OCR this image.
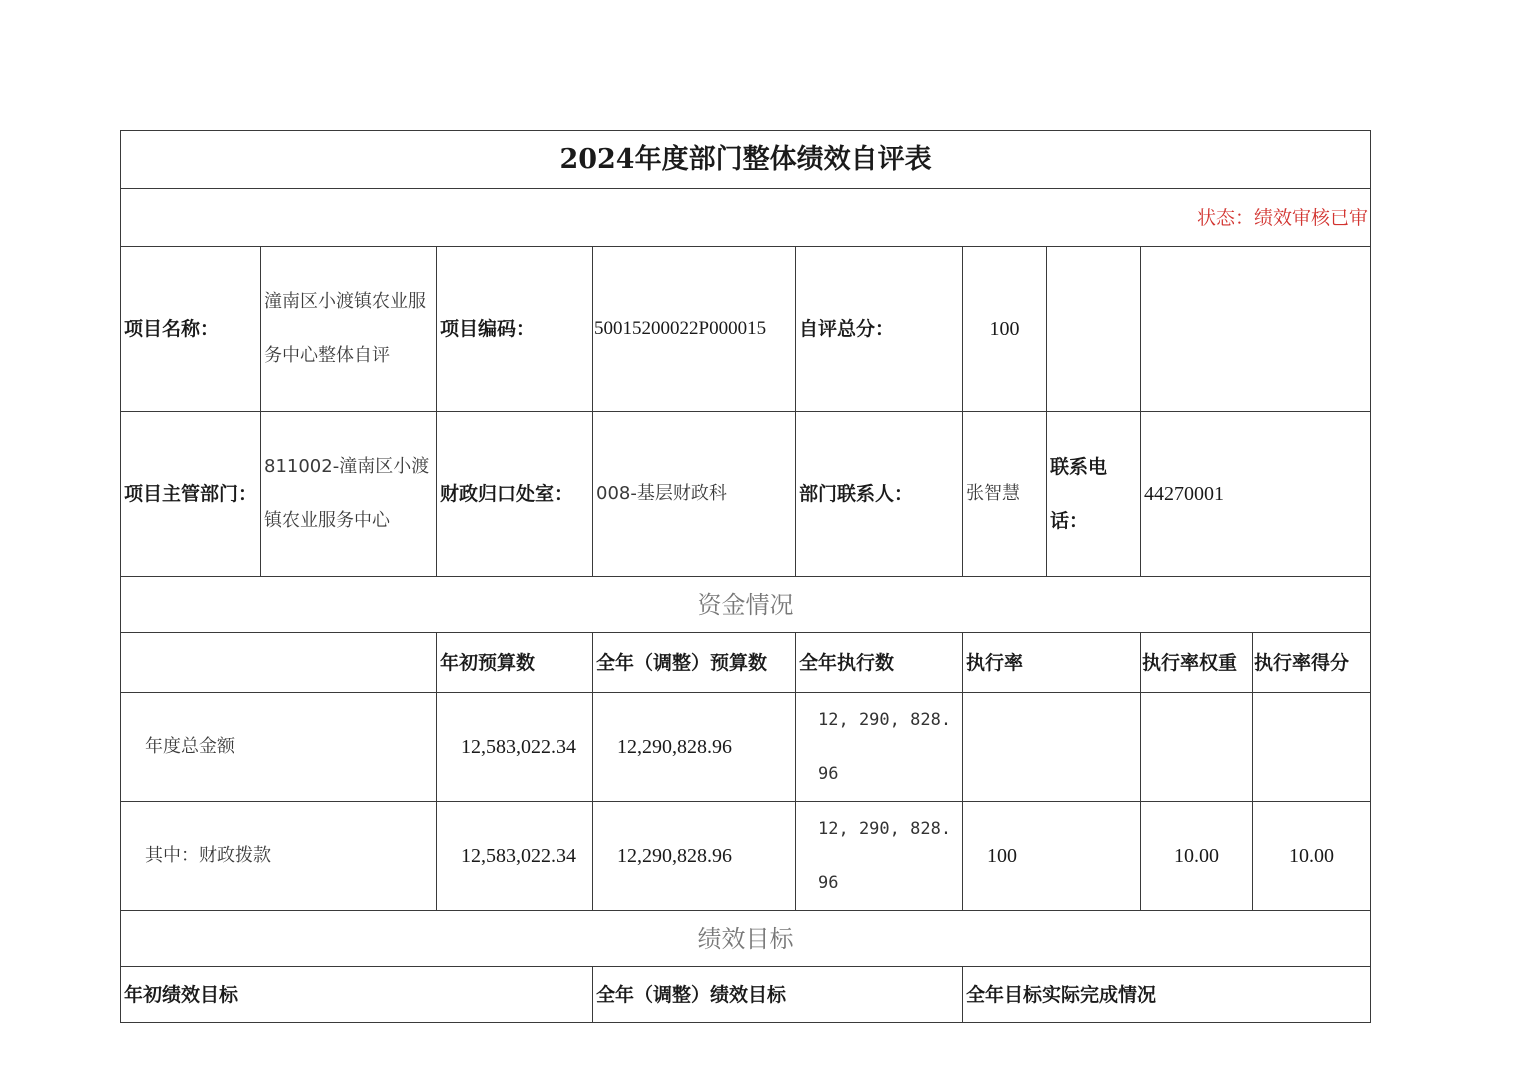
2024年度部门整体绩效自评表								
状态：绩效审核已审								
项目名称：	潼南区小渡镇农业服务中心整体自评	项目编码：	50015200022P000015	自评总分：	100			
项目主管部门：	811002-潼南区小渡镇农业服务中心	财政归口处室：	008-基层财政科	部门联系人：	张智慧	联系电话：	44270001	
资金情况								
		年初预算数	全年（调整）预算数	全年执行数	执行率		执行率权重	执行率得分
年度总金额		12,583,022.34	12,290,828.96	12, 290, 828. 96				
其中：财政拨款		12,583,022.34	12,290,828.96	12, 290, 828. 96	100		10.00	10.00
绩效目标								
年初绩效目标			全年（调整）绩效目标		全年目标实际完成情况			
